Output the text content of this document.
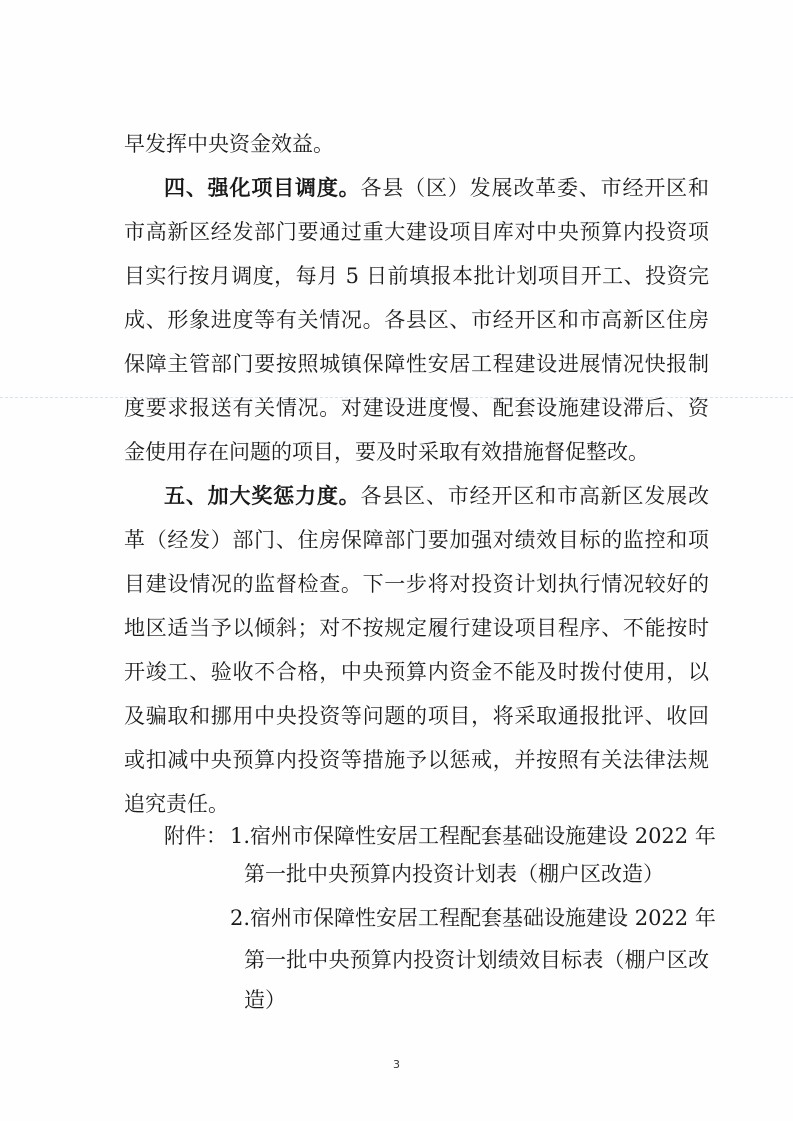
早发挥中央资金效益。
四、强化项目调度。各县（区）发展改革委、市经开区和
市高新区经发部门要通过重大建设项目库对中央预算内投资项
目实行按月调度，每月 5 日前填报本批计划项目开工、投资完
成、形象进度等有关情况。各县区、市经开区和市高新区住房
保障主管部门要按照城镇保障性安居工程建设进展情况快报制
度要求报送有关情况。对建设进度慢、配套设施建设滞后、资
金使用存在问题的项目，要及时采取有效措施督促整改。
五、加大奖惩力度。各县区、市经开区和市高新区发展改
革（经发）部门、住房保障部门要加强对绩效目标的监控和项
目建设情况的监督检查。下一步将对投资计划执行情况较好的
地区适当予以倾斜；对不按规定履行建设项目程序、不能按时
开竣工、验收不合格，中央预算内资金不能及时拨付使用，以
及骗取和挪用中央投资等问题的项目，将采取通报批评、收回
或扣减中央预算内投资等措施予以惩戒，并按照有关法律法规
追究责任。
附件： 1.宿州市保障性安居工程配套基础设施建设 2022 年
第一批中央预算内投资计划表（棚户区改造）
2.宿州市保障性安居工程配套基础设施建设 2022 年
第一批中央预算内投资计划绩效目标表（棚户区改
造）
3
